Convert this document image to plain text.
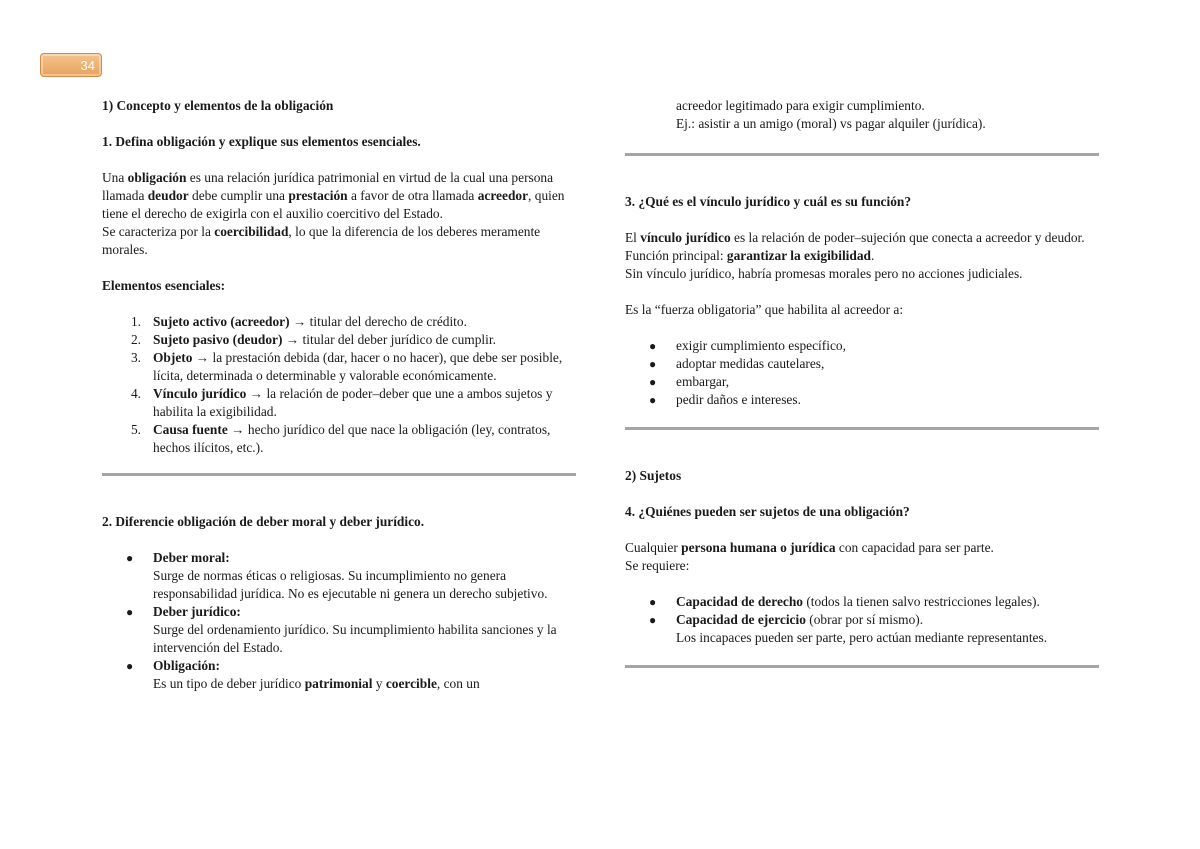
34

1) Concepto y elementos de la obligación

1. Defina obligación y explique sus elementos esenciales.

Una obligación es una relación jurídica patrimonial en virtud de la cual una persona llamada deudor debe cumplir una prestación a favor de otra llamada acreedor, quien tiene el derecho de exigirla con el auxilio coercitivo del Estado.

Se caracteriza por la coercibilidad, lo que la diferencia de los deberes meramente morales.

Elementos esenciales:

1. Sujeto activo (acreedor) → titular del derecho de crédito.
2. Sujeto pasivo (deudor) → titular del deber jurídico de cumplir.
3. Objeto → la prestación debida (dar, hacer o no hacer), que debe ser posible, lícita, determinada o determinable y valorable económicamente.
4. Vínculo jurídico → la relación de poder–deber que une a ambos sujetos y habilita la exigibilidad.
5. Causa fuente → hecho jurídico del que nace la obligación (ley, contratos, hechos ilícitos, etc.).

2. Diferencie obligación de deber moral y deber jurídico.

● Deber moral:
Surge de normas éticas o religiosas. Su incumplimiento no genera responsabilidad jurídica. No es ejecutable ni genera un derecho subjetivo.
● Deber jurídico:
Surge del ordenamiento jurídico. Su incumplimiento habilita sanciones y la intervención del Estado.
● Obligación:
Es un tipo de deber jurídico patrimonial y coercible, con un

acreedor legitimado para exigir cumplimiento.

Ej.: asistir a un amigo (moral) vs pagar alquiler (jurídica).

3. ¿Qué es el vínculo jurídico y cuál es su función?

El vínculo jurídico es la relación de poder–sujeción que conecta a acreedor y deudor.

Función principal: garantizar la exigibilidad.

Sin vínculo jurídico, habría promesas morales pero no acciones judiciales.

Es la “fuerza obligatoria” que habilita al acreedor a:

● exigir cumplimiento específico,
● adoptar medidas cautelares,
● embargar,
● pedir daños e intereses.

2) Sujetos

4. ¿Quiénes pueden ser sujetos de una obligación?

Cualquier persona humana o jurídica con capacidad para ser parte.

Se requiere:

● Capacidad de derecho (todos la tienen salvo restricciones legales).
● Capacidad de ejercicio (obrar por sí mismo).
Los incapaces pueden ser parte, pero actúan mediante representantes.
